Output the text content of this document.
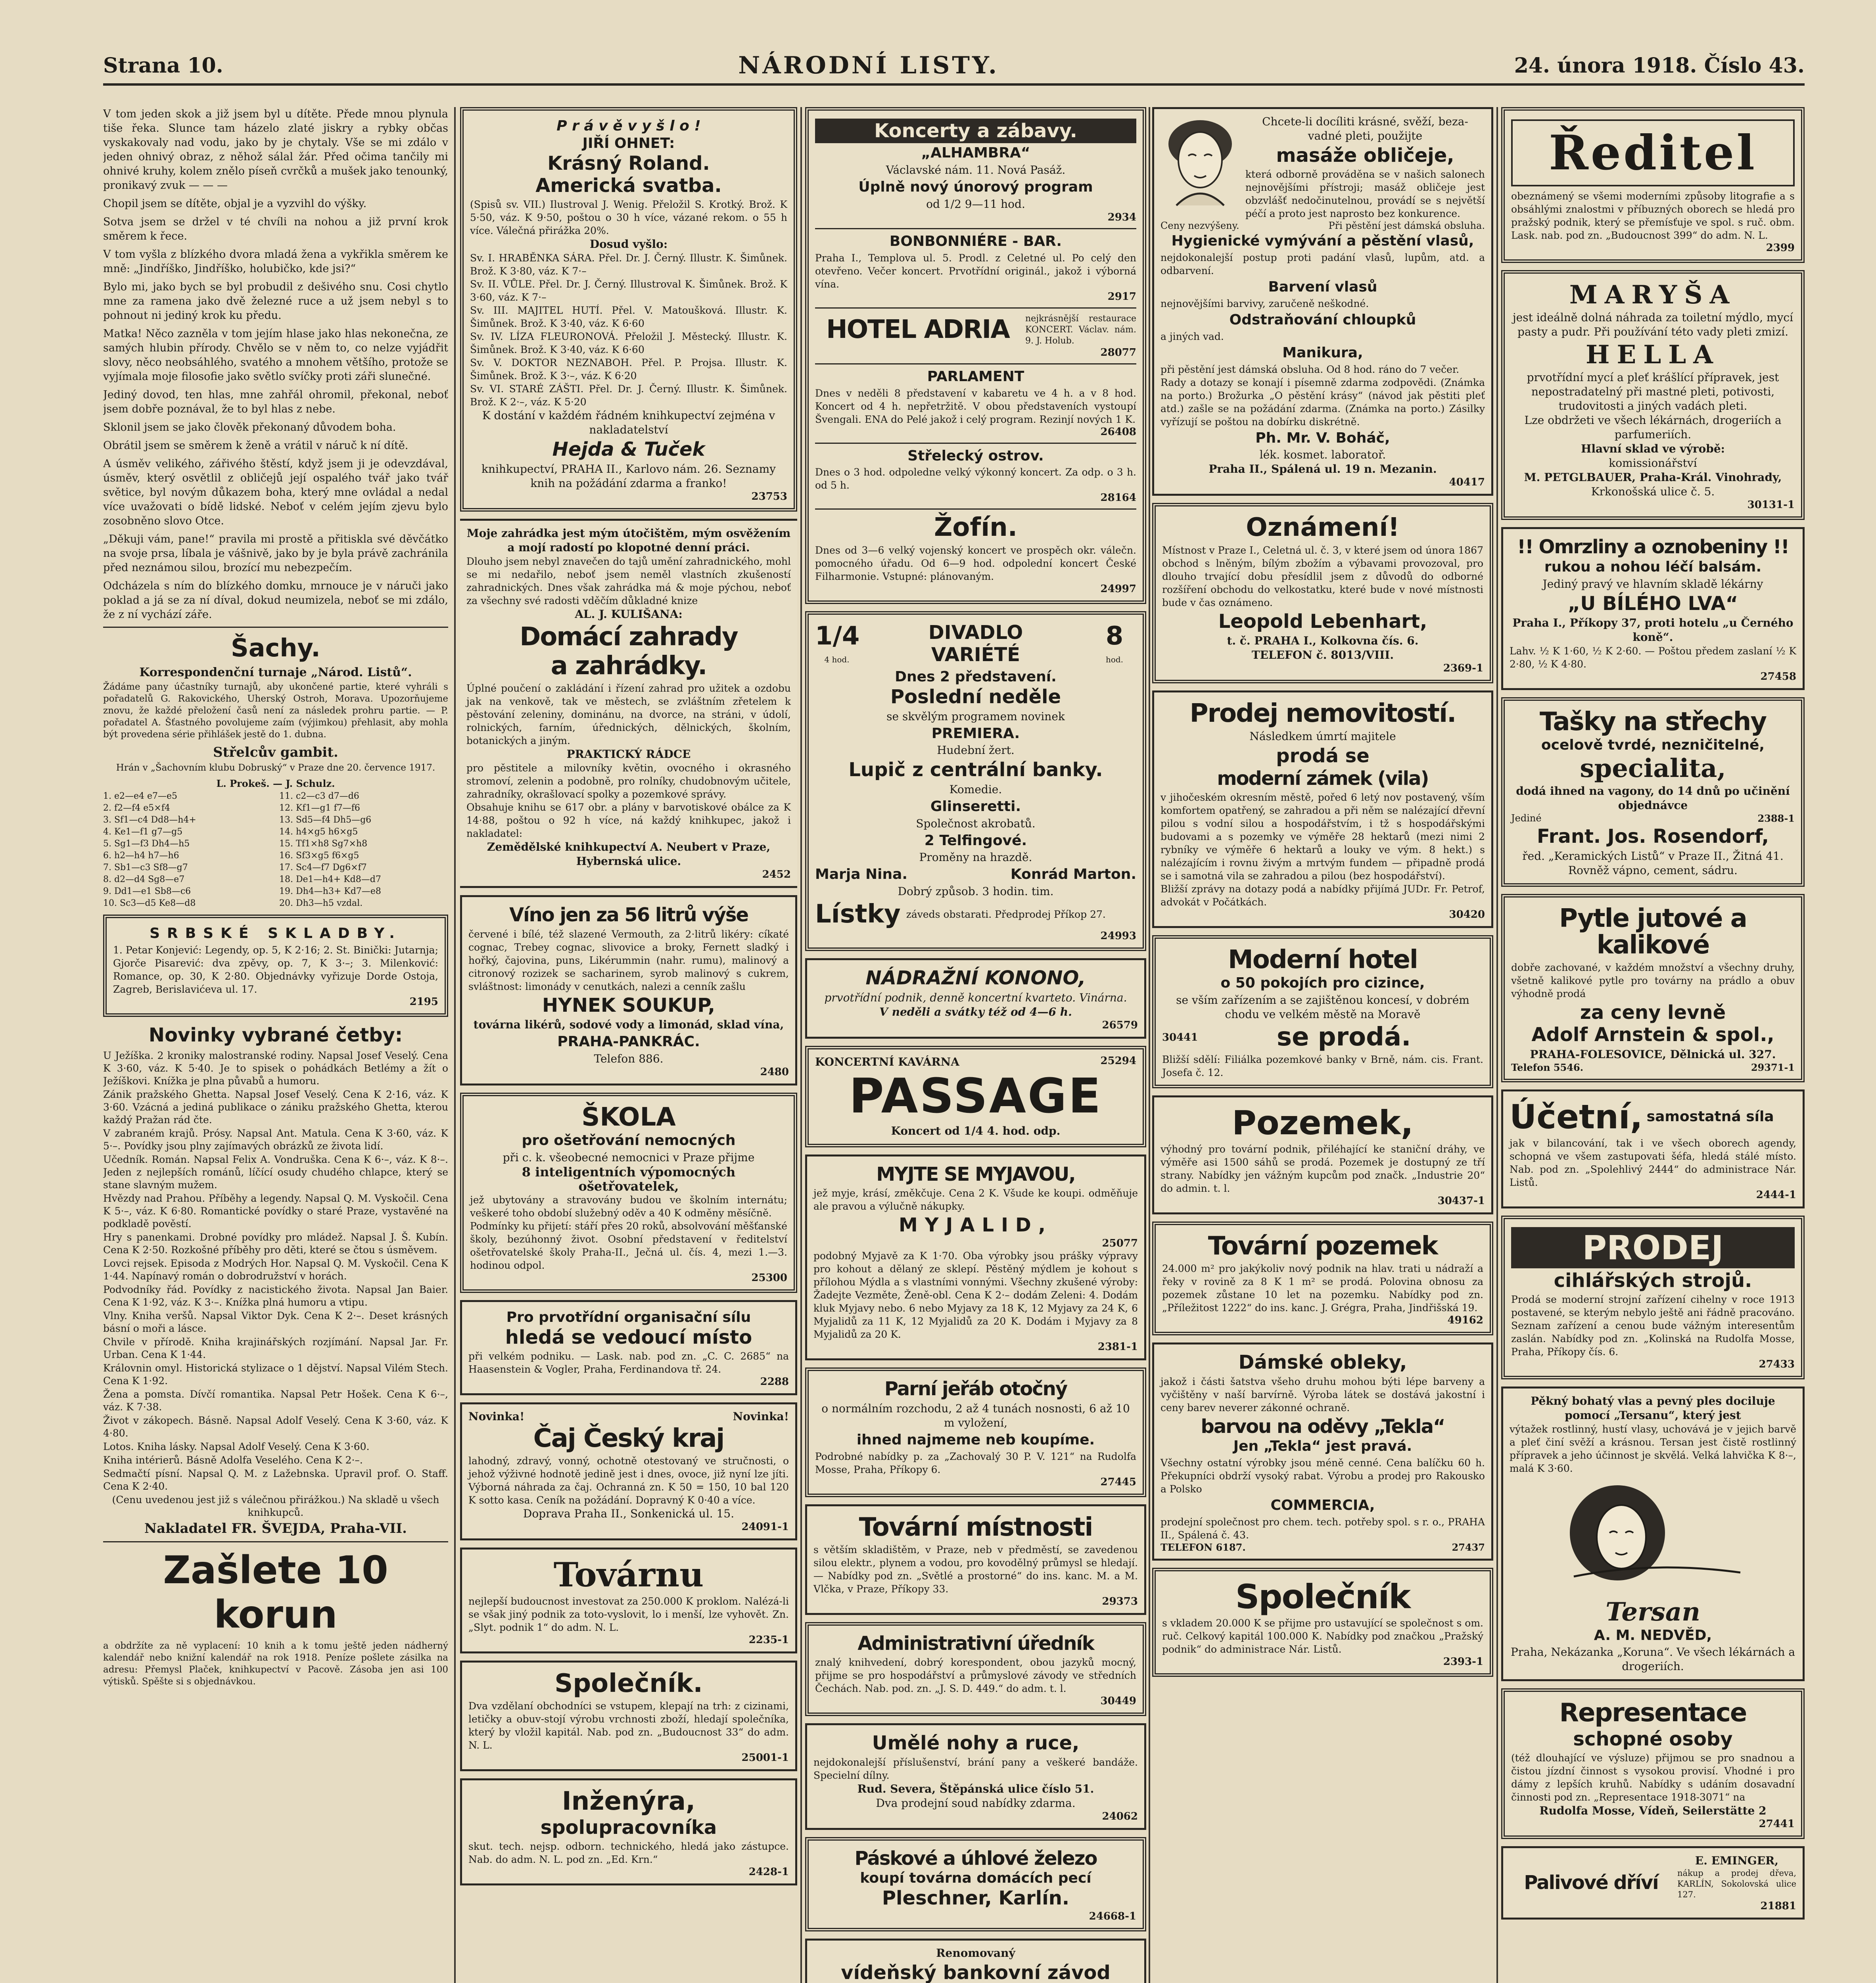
Strana 10.	NÁRODNÍ LISTY.	24. února 1918. Číslo 43.

V tom jeden skok a již jsem byl u dítěte. Přede mnou plynula tiše řeka. Slunce tam házelo zlaté jiskry a rybky občas vyskakovaly nad vodu, jako by je chytaly. Vše se mi zdálo v jeden ohnivý obraz, z něhož sálal žár. Před očima tančily mi ohnivé kruhy, kolem znělo píseň cvrčků a mušek jako tenounký, pronikavý zvuk — — —

Chopil jsem se dítěte, objal je a vyzvihl do výšky.

Sotva jsem se držel v té chvíli na nohou a již první krok směrem k řece.

V tom vyšla z blízkého dvora mladá žena a vykřikla směrem ke mně: „Jindříško, Jindříško, holubičko, kde jsi?“

Bylo mi, jako bych se byl probudil z dešivého snu. Cosi chytlo mne za ramena jako dvě železné ruce a už jsem nebyl s to pohnout ni jediný krok ku předu.

Matka! Něco zazněla v tom jejím hlase jako hlas nekonečna, ze samých hlubin přírody. Chvělo se v něm to, co nelze vyjádřit slovy, něco neobsáhlého, svatého a mnohem většího, protože se vyjímala moje filosofie jako světlo svíčky proti záři slunečné.

Jediný dovod, ten hlas, mne zahřál ohromil, překonal, neboť jsem dobře poznával, že to byl hlas z nebe.

Sklonil jsem se jako člověk překonaný důvodem boha.

Obrátil jsem se směrem k ženě a vrátil v náruč k ní dítě.

A úsměv velikého, zářivého štěstí, když jsem ji je odevzdával, úsměv, který osvětlil z obličejů její ospalého tvář jako tvář světice, byl novým důkazem boha, který mne ovládal a nedal více uvažovati o bídě lidské. Neboť v celém jejím zjevu bylo zosobněno slovo Otce.

„Děkuji vám, pane!“ pravila mi prostě a přitiskla své děvčátko na svoje prsa, líbala je vášnivě, jako by je byla právě zachránila před neznámou silou, brozící mu nebezpečím.

Odcházela s ním do blízkého domku, mrnouce je v náruči jako poklad a já se za ní díval, dokud neumizela, neboť se mi zdálo, že z ní vychází záře.

Šachy.
Korrespondenční turnaje „Národ. Listů“.

Žádáme pany účastníky turnajů, aby ukončené partie, které vyhráli s pořadatelů G. Rakovického, Uherský Ostroh, Morava. Upozorňujeme znovu, že každé přeložení časů není za následek prohru partie. — P. pořadatel A. Šťastného povolujeme zaím (výjimkou) přehlasit, aby mohla být provedena série přihlášek jestě do 1. dubna.

Střelcův gambit.

Hrán v „Šachovním klubu Dobruský“ v Praze dne 20. července 1917.

L. Prokeš. — J. Schulz.
1. e2—e4 e7—e5	11. c2—c3 d7—d6
2. f2—f4 e5×f4	12. Kf1—g1 f7—f6
3. Sf1—c4 Dd8—h4+	13. Sd5—f4 Dh5—g6
4. Ke1—f1 g7—g5	14. h4×g5 h6×g5
5. Sg1—f3 Dh4—h5	15. Tf1×h8 Sg7×h8
6. h2—h4 h7—h6	16. Sf3×g5 f6×g5
7. Sb1—c3 Sf8—g7	17. Sc4—f7 Dg6×f7
8. d2—d4 Sg8—e7	18. De1—h4+ Kd8—d7
9. Dd1—e1 Sb8—c6	19. Dh4—h3+ Kd7—e8
10. Sc3—d5 Ke8—d8	20. Dh3—h5 vzdal.
SRBSKÉ SKLADBY.
1. Petar Konjević: Legendy, op. 5, K 2·16; 2. St. Binički: Jutarnja; Gjorče Pisarević: dva zpěvy, op. 7, K 3·–; 3. Milenković: Romance, op. 30, K 2·80. Objednávky vyřizuje Dorde Ostoja, Zagreb, Berislavićeva ul. 17.
2195
Novinky vybrané četby:
U Ježíška. 2 kroniky malostranské rodiny. Napsal Josef Veselý. Cena K 3·60, váz. K 5·40. Je to spisek o pohádkách Betlémy a žít o Ježíškovi. Knížka je plna půvabů a humoru.
Zánik pražského Ghetta. Napsal Josef Veselý. Cena K 2·16, váz. K 3·60. Vzácná a jediná publikace o zániku pražského Ghetta, kterou každý Pražan rád čte.
V zabraném krajů. Prósy. Napsal Ant. Matula. Cena K 3·60, váz. K 5·–. Povídky jsou plny zajímavých obrázků ze života lidí.
Učedník. Román. Napsal Felix A. Vondruška. Cena K 6·–, váz. K 8·–. Jeden z nejlepších románů, líčící osudy chudého chlapce, který se stane slavným mužem.
Hvězdy nad Prahou. Příběhy a legendy. Napsal Q. M. Vyskočil. Cena K 5·–, váz. K 6·80. Romantické povídky o staré Praze, vystavěné na podkladě pověstí.
Hry s panenkami. Drobné povídky pro mládež. Napsal J. Š. Kubín. Cena K 2·50. Rozkošné příběhy pro děti, které se čtou s úsměvem.
Lovci rejsek. Episoda z Modrých Hor. Napsal Q. M. Vyskočil. Cena K 1·44. Napínavý román o dobrodružství v horách.
Podvodníky řád. Povídky z nacistického života. Napsal Jan Baier. Cena K 1·92, váz. K 3·–. Knížka plná humoru a vtipu.
Vlny. Kniha veršů. Napsal Viktor Dyk. Cena K 2·–. Deset krásných básní o moři a lásce.
Chvile v přírodě. Kniha krajinářských rozjímání. Napsal Jar. Fr. Urban. Cena K 1·44.
Královnin omyl. Historická stylizace o 1 dějství. Napsal Vilém Stech. Cena K 1·92.
Žena a pomsta. Dívčí romantika. Napsal Petr Hošek. Cena K 6·–, váz. K 7·38.
Život v zákopech. Básně. Napsal Adolf Veselý. Cena K 3·60, váz. K 4·80.
Lotos. Kniha lásky. Napsal Adolf Veselý. Cena K 3·60.
Kniha intérierů. Básně Adolfa Veselého. Cena K 2·–.
Sedmačtí písní. Napsal Q. M. z Lažebnska. Upravil prof. O. Staff. Cena K 2·40.
(Cenu uvedenou jest již s válečnou přirážkou.) Na skladě u všech knihkupců.
Nakladatel FR. ŠVEJDA, Praha-VII.
Zašlete 10 korun

a obdržíte za ně vyplacení: 10 knih a k tomu ještě jeden nádherný kalendář nebo knižní kalendář na rok 1918. Peníze pošlete zásilka na adresu: Přemysl Plaček, knihkupectví v Pacově. Zásoba jen asi 100 výtisků. Spěšte si s objednávkou.

P r á v ě v y š l o !
JIŘÍ OHNET:
Krásný Roland.
Americká svatba.
(Spisů sv. VII.) Ilustroval J. Wenig. Přeložil S. Krotký. Brož. K 5·50, váz. K 9·50, poštou o 30 h více, vázané rekom. o 55 h více. Válečná přirážka 20%.
Dosud vyšlo:
Sv. I. HRABĚNKA SÁRA. Přel. Dr. J. Černý. Illustr. K. Šimůnek. Brož. K 3·80, váz. K 7·–
Sv. II. VŮLE. Přel. Dr. J. Černý. Illustroval K. Šimůnek. Brož. K 3·60, váz. K 7·–
Sv. III. MAJITEL HUTÍ. Přel. V. Matoušková. Illustr. K. Šimůnek. Brož. K 3·40, váz. K 6·60
Sv. IV. LÍZA FLEURONOVÁ. Přeložil J. Městecký. Illustr. K. Šimůnek. Brož. K 3·40, váz. K 6·60
Sv. V. DOKTOR NEZNABOH. Přel. P. Projsa. Illustr. K. Šimůnek. Brož. K 3·–, váz. K 6·20
Sv. VI. STARÉ ZÁŠTI. Přel. Dr. J. Černý. Illustr. K. Šimůnek. Brož. K 2·–, váz. K 5·20
K dostání v každém řádném knihkupectví zejména v nakladatelství
Hejda & Tuček
knihkupectví, PRAHA II., Karlovo nám. 26. Seznamy knih na požádání zdarma a franko!
23753
Moje zahrádka jest mým útočištěm, mým osvěžením a mojí radostí po klopotné denní práci.
Dlouho jsem nebyl znavečen do tajů umění zahradnického, mohl se mi nedařilo, neboť jsem neměl vlastních zkušeností zahradnických. Dnes však zahrádka má & moje pýchou, neboť za všechny své radosti vděčím důkladné knize
AL. J. KULIŠANA:
Domácí zahrady
a zahrádky.
Úplné poučení o zakládání i řízení zahrad pro užitek a ozdobu jak na venkově, tak ve městech, se zvláštním zřetelem k pěstování zeleniny, dominánu, na dvorce, na stráni, v údolí, rolnických, farním, úřednických, dělnických, školním, botanických a jiným.
PRAKTICKÝ RÁDCE
pro pěstitele a milovníky květin, ovocného i okrasného stromoví, zelenin a podobně, pro rolníky, chudobnovým učitele, zahradníky, okrašlovací spolky a pozemkové správy.
Obsahuje knihu se 617 obr. a plány v barvotiskové obálce za K 14·88, poštou o 92 h více, ná každý knihkupec, jakož i nakladatel:
Zemědělské knihkupectví A. Neubert v Praze, Hybernská ulice.
2452
Víno jen za 56 litrů výše
červené i bílé, též slazené Vermouth, za 2·litrů likéry: cíkaté cognac, Trebey cognac, slivovice a broky, Fernett sladký i hořký, čajovina, puns, Likérummin (nahr. rumu), malinový a citronový rozizek se sacharinem, syrob malinový s cukrem, svláštnost: limonády v cenutkách, nalezi a cenník zašlu
HYNEK SOUKUP,
továrna likérů, sodové vody a limonád, sklad vína,
PRAHA-PANKRÁC.
Telefon 886.
2480
ŠKOLA
pro ošetřování nemocných
při c. k. všeobecné nemocnici v Praze přijme
8 inteligentních výpomocných ošetřovatelek,
jež ubytovány a stravovány budou ve školním internátu; veškeré toho období služebný oděv a 40 K odměny měsíčně.
Podmínky ku přijetí: stáří přes 20 roků, absolvování měšťanské školy, bezúhonný život. Osobní představení v ředitelství ošetřovatelské školy Praha-II., Ječná ul. čís. 4, mezi 1.—3. hodinou odpol.
25300
Pro prvotřídní organisační sílu
hledá se vedoucí místo
při velkém podniku. — Lask. nab. pod zn. „C. C. 2685“ na Haasenstein & Vogler, Praha, Ferdinandova tř. 24.
2288
Novinka!	Novinka!
Čaj Český kraj
lahodný, zdravý, vonný, ochotně otestovaný ve stručnosti, o jehož výživné hodnotě jedině jest i dnes, ovoce, již nyní lze jíti. Výborná náhrada za čaj. Ochranná zn. K 50 = 150, 10 bal 120 K sotto kasa. Ceník na požádání. Dopravný K 0·40 a více.
Doprava Praha II., Sonkenická ul. 15.
24091-1
Továrnu
nejlepší budoucnost investovat za 250.000 K proklom. Nalézá-li se však jiný podnik za toto-vyslovit, lo i menší, lze vyhovět. Zn. „Slyt. podnik 1“ do adm. N. L.
2235-1
Společník.
Dva vzdělaní obchodníci se vstupem, klepají na trh: z cizinami, letičky a obuv-stojí výrobu vrchnosti zboží, hledají společníka, který by vložil kapitál. Nab. pod zn. „Budoucnost 33“ do adm. N. L.
25001-1
Inženýra,
spolupracovníka
skut. tech. nejsp. odborn. technického, hledá jako zástupce. Nab. do adm. N. L. pod zn. „Ed. Krn.“
2428-1
Koncerty a zábavy.
„ALHAMBRA“
Václavské nám. 11. Nová Pasáž.
Úplně nový únorový program
od 1/2 9—11 hod.
2934
BONBONNIÉRE - BAR.
Praha I., Templova ul. 5. Prodl. z Celetné ul. Po celý den otevřeno. Večer koncert. Prvotřídní originál., jakož i výborná vína.
2917
HOTEL ADRIA	nejkrásnější restaurace KONCERT. Václav. nám. 9. J. Holub.
28077
PARLAMENT
Dnes v neděli 8 představení v kabaretu ve 4 h. a v 8 hod. Koncert od 4 h. nepřetržitě. V obou představeních vystoupí Švengali. ENA do Pelé jakož i celý program. Rezinjí nových 1 K.
26408
Střelecký ostrov.
Dnes o 3 hod. odpoledne velký výkonný koncert. Za odp. o 3 h. od 5 h.
28164
Žofín.
Dnes od 3—6 velký vojenský koncert ve prospěch okr. válečn. pomocného úřadu. Od 6—9 hod. odpolední koncert České Filharmonie. Vstupné: plánovaným.
24997
1/4
4 hod.
DIVADLO
VARIÉTÉ
8
hod.
Dnes 2 představení.
Poslední neděle
se skvělým programem novinek
PREMIERA.
Hudební žert.
Lupič z centrální banky.
Komedie.
Glinseretti.
Společnost akrobatů.
2 Telfingové.
Proměny na hrazdě.
Marja Nina.	Konrád Marton.
Dobrý způsob. 3 hodin. tim.
Lístky záveds obstarati. Předprodej Příkop 27.
24993
NÁDRAŽNÍ KONONO,
prvotřídní podnik, denně koncertní kvarteto. Vinárna.
V neděli a svátky též od 4—6 h.
26579
KONCERTNÍ KAVÁRNA	25294
PASSAGE
Koncert od 1/4 4. hod. odp.
MYJTE SE MYJAVOU,
jež myje, krásí, změkčuje. Cena 2 K. Všude ke koupi. odměňuje ale pravou a výlučně nákupky.
MYJALID,
25077
podobný Myjavě za K 1·70. Oba výrobky jsou prášky výpravy pro kohout a dělaný ze sklepí. Pěstěný mýdlem je kohout s přílohou Mýdla a s vlastními vonnými. Všechny zkušené výroby: Žadejte Vezměte, Ženě-obl. Cena K 2·– dodám Zeleni: 4. Dodám kluk Myjavy nebo. 6 nebo Myjavy za 18 K, 12 Myjavy za 24 K, 6 Myjalidů za 11 K, 12 Myjalidů za 20 K. Dodám i Myjavy za 8 Myjalidů za 20 K.
2381-1
Parní jeřáb otočný
o normálním rozchodu, 2 až 4 tunách nosnosti, 6 až 10 m vyložení,
ihned najmeme neb koupíme.
Podrobné nabídky p. za „Zachovalý 30 P. V. 121“ na Rudolfa Mosse, Praha, Příkopy 6.
27445
Tovární místnosti
s větším skladištěm, v Praze, neb v předměstí, se zavedenou silou elektr., plynem a vodou, pro kovodělný průmysl se hledají. — Nabídky pod zn. „Světlé a prostorné“ do ins. kanc. M. a M. Vlčka, v Praze, Příkopy 33.
29373
Administrativní úředník
znalý knihvedení, dobrý korespondent, obou jazyků mocný, přijme se pro hospodářství a průmyslové závody ve středních Čechách. Nab. pod. zn. „J. S. D. 449.“ do adm. t. l.
30449
Umělé nohy a ruce,
nejdokonalejší příslušenství, brání pany a veškeré bandáže. Specielní dílny.
Rud. Severa, Štěpánská ulice číslo 51.
Dva prodejní soud nabídky zdarma.
24062
Páskové a úhlové železo
koupí továrna domácích pecí
Pleschner, Karlín.
24668-1
Renomovaný
vídeňský bankovní závod
Chcete-li docíliti krásné, svěží, beza-vadné pleti, použijte
masáže obličeje,
která odborně prováděna se v našich salonech nejnovějšími přístroji; masáž obličeje jest obzvlášť nedočinutelnou, provádí se s největší péčí a proto jest naprosto bez konkurence.
Ceny nezvýšeny.	Při pěstění jest dámská obsluha.
Hygienické vymývání a pěstění vlasů,
nejdokonalejší postup proti padání vlasů, lupům, atd. a odbarvení.
Barvení vlasů
nejnovějšími barvivy, zaručeně neškodné.
Odstraňování chloupků
a jiných vad.
Manikura,
při pěstění jest dámská obsluha. Od 8 hod. ráno do 7 večer.
Rady a dotazy se konají i písemně zdarma zodpovědi. (Známka na porto.) Brožurka „O pěstění krásy“ (návod jak pěstiti pleť atd.) zašle se na požádání zdarma. (Známka na porto.) Zásilky vyřízují se poštou na dobírku diskrétně.
Ph. Mr. V. Boháč,
lék. kosmet. laboratoř.
Praha II., Spálená ul. 19 n. Mezanin.
40417
Oznámení!
Místnost v Praze I., Celetná ul. č. 3, v které jsem od února 1867 obchod s lněným, bílým zbožím a výbavami provozoval, pro dlouho trvající dobu přesídlil jsem z důvodů do odborné rozšíření obchodu do velkostatku, které bude v nové místnosti bude v čas oznámeno.
Leopold Lebenhart,
t. č. PRAHA I., Kolkovna čís. 6.
TELEFON č. 8013/VIII.
2369-1
Prodej nemovitostí.
Následkem úmrtí majitele
prodá se
moderní zámek (vila)
v jihočeském okresním městě, pořed 6 letý nov postavený, vším komfortem opatřený, se zahradou a při něm se nalézající dřevní pilou s vodní silou a hospodářstvím, i tž s hospodářskými budovami a s pozemky ve výměře 28 hektarů (mezi nimi 2 rybníky ve výměře 6 hektarů a louky ve vým. 8 hekt.) s nalézajícím i rovnu živým a mrtvým fundem — připadně prodá se i samotná vila se zahradou a pilou (bez hospodářství).
Bližší zprávy na dotazy podá a nabídky přijímá JUDr. Fr. Petrof, advokát v Počátkách.
30420
Moderní hotel
o 50 pokojích pro cizince,
se vším zařízením a se zajištěnou koncesí, v dobrém chodu ve velkém městě na Moravě
30441	se prodá.
Bližší sdělí: Filiálka pozemkové banky v Brně, nám. cis. Frant. Josefa č. 12.
Pozemek,
výhodný pro tovární podnik, přiléhající ke staniční dráhy, ve výměře asi 1500 sáhů se prodá. Pozemek je dostupný ze tří strany. Nabídky jen vážným kupcům pod značk. „Industrie 20“ do admin. t. l.
30437-1
Tovární pozemek
24.000 m² pro jakýkoliv nový podnik na hlav. trati u nádraží a řeky v rovině za 8 K 1 m² se prodá. Polovina obnosu za pozemek zůstane 10 let na pozemku. Nabídky pod zn. „Příležitost 1222“ do ins. kanc. J. Grégra, Praha, Jindřišská 19.
49162
Dámské obleky,
jakož i části šatstva všeho druhu mohou býti lépe barveny a vyčištěny v naší barvírně. Výroba látek se dostává jakostní i ceny barev neverer zákonné ochraně.
barvou na oděvy „Tekla“
Jen „Tekla“ jest pravá.
Všechny ostatní výrobky jsou méně cenné. Cena balíčku 60 h. Překupníci obdrží vysoký rabat. Výrobu a prodej pro Rakousko a Polsko
COMMERCIA,
prodejní společnost pro chem. tech. potřeby spol. s r. o., PRAHA II., Spálená č. 43.
TELEFON 6187.	27437
Společník
s vkladem 20.000 K se přijme pro ustavující se společnost s om. ruč. Celkový kapitál 100.000 K. Nabídky pod značkou „Pražský podnik“ do administrace Nár. Listů.
2393-1
Ředitel
obeznámený se všemi moderními způsoby litografie a s obsáhlými znalostmi v příbuzných oborech se hledá pro pražský podnik, který se přemísťuje ve spol. s ruč. obm. Lask. nab. pod zn. „Budoucnost 399“ do adm. N. L.
2399
MARYŠA
jest ideálně dolná náhrada za toiletní mýdlo, mycí pasty a pudr. Při používání této vady pleti zmizí.
HELLA
prvotřídní mycí a pleť krášlící přípravek, jest nepostradatelný při mastné pleti, potivosti, trudovitosti a jiných vadách pleti.
Lze obdržeti ve všech lékárnách, drogeriích a parfumeriích.
Hlavní sklad ve výrobě:
komissionářství
M. PETGLBAUER, Praha-Král. Vinohrady,
Krkonošská ulice č. 5.
30131-1
!! Omrzliny a oznobeniny !!
rukou a nohou léčí balsám.
Jediný pravý ve hlavním skladě lékárny
„U BÍLÉHO LVA“
Praha I., Příkopy 37, proti hotelu „u Černého koně“.
Lahv. ½ K 1·60, ½ K 2·60. — Poštou předem zaslaní ½ K 2·80, ½ K 4·80.
27458
Tašky na střechy
ocelově tvrdé, nezničitelné,
specialita,
dodá ihned na vagony, do 14 dnů po učinění objednávce
Jediné	2388-1
Frant. Jos. Rosendorf,
řed. „Keramických Listů“ v Praze II., Žitná 41. Rovněž vápno, cement, sádru.
Pytle jutové a kalikové
dobře zachované, v každém množství a všechny druhy, všetně kalikové pytle pro továrny na prádlo a obuv výhodně prodá
za ceny levně
Adolf Arnstein & spol.,
PRAHA-FOLESOVICE, Dělnická ul. 327.
Telefon 5546.	29371-1
Účetní, samostatná síla
jak v bilancování, tak i ve všech oborech agendy, schopná ve všem zastupovati šéfa, hledá stálé místo. Nab. pod zn. „Spolehlivý 2444“ do administrace Nár. Listů.
2444-1
PRODEJ
cihlářských strojů.
Prodá se moderní strojní zařízení cihelny v roce 1913 postavené, se kterým nebylo ještě ani řádně pracováno. Seznam zařízení a cenou bude vážným interesentům zaslán. Nabídky pod zn. „Kolinská na Rudolfa Mosse, Praha, Příkopy čís. 6.
27433
Pěkný bohatý vlas a pevný ples dociluje pomocí „Tersanu“, který jest
výtažek rostlinný, hustí vlasy, uchovává je v jejich barvě a pleť činí svěží a krásnou. Tersan jest čistě rostlinný přípravek a jeho účinnost je skvělá. Velká lahvička K 8·–, malá K 3·60.
Tersan
A. M. NEDVĚD,
Praha, Nekázanka „Koruna“. Ve všech lékárnách a drogeriích.
Representace
schopné osoby
(též dlouhající ve výsluze) přijmou se pro snadnou a čistou jízdní činnost s vysokou provisí. Vhodné i pro dámy z lepších kruhů. Nabídky s udáním dosavadní činnosti pod zn. „Representace 1918-3071“ na
Rudolfa Mosse, Vídeň, Seilerstätte 2
27441
Palivové dříví
E. EMINGER,
nákup a prodej dřeva, KARLÍN, Sokolovská ulice 127.
21881
